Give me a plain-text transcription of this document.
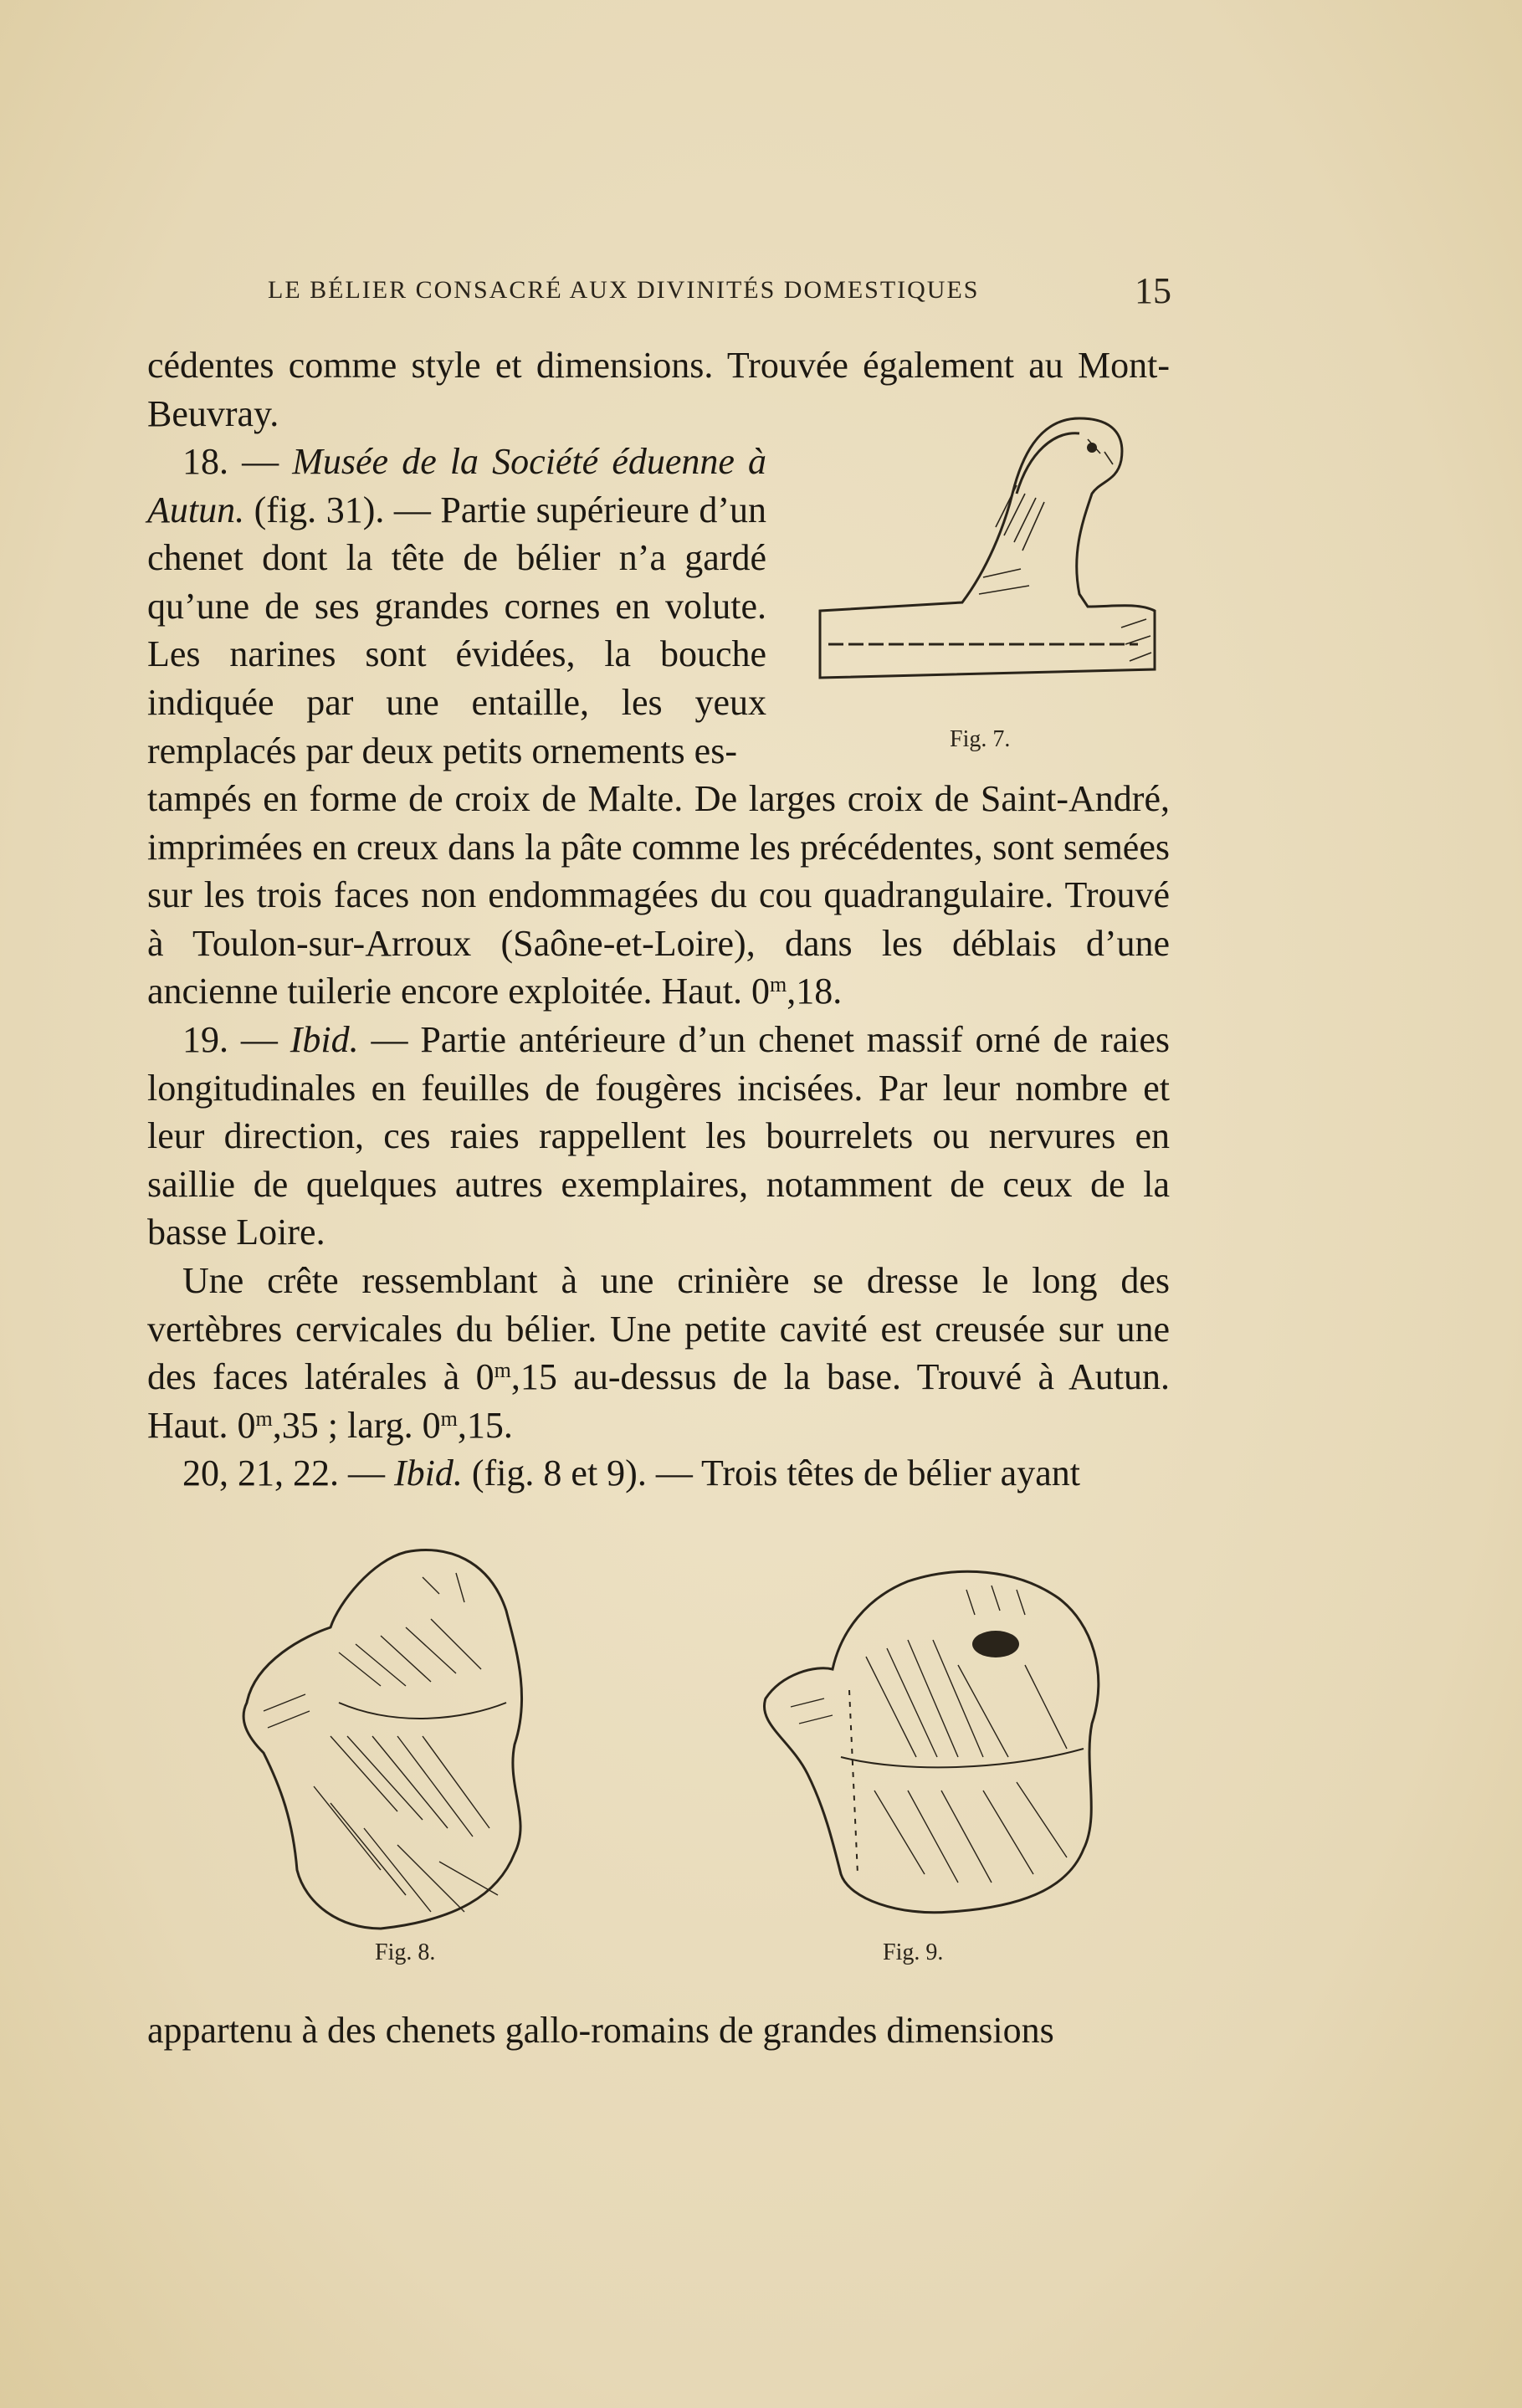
LE BÉLIER CONSACRÉ AUX DIVINITÉS DOMESTIQUES	15

cédentes comme style et dimensions. Trouvée également au Mont-Beuvray.

18. — Musée de la Société éduenne à Autun. (fig. 31). — Partie supérieure d’un chenet dont la tête de bélier n’a gardé qu’une de ses grandes cornes en volute. Les narines sont évidées, la bouche indiquée par une entaille, les yeux remplacés par deux petits ornements es-

tampés en forme de croix de Malte. De larges croix de Saint-André, imprimées en creux dans la pâte comme les précédentes, sont semées sur les trois faces non endommagées du cou quadrangulaire. Trouvé à Toulon-sur-Arroux (Saône-et-Loire), dans les déblais d’une ancienne tuilerie encore exploitée. Haut. 0$^m$,18.

19. — Ibid. — Partie antérieure d’un chenet massif orné de raies longitudinales en feuilles de fougères incisées. Par leur nombre et leur direction, ces raies rappellent les bourrelets ou nervures en saillie de quelques autres exemplaires, notamment de ceux de la basse Loire.

Une crête ressemblant à une crinière se dresse le long des vertèbres cervicales du bélier. Une petite cavité est creusée sur une des faces latérales à 0$^m$,15 au-dessus de la base. Trouvé à Autun. Haut. 0$^m$,35 ; larg. 0$^m$,15.

20, 21, 22. — Ibid. (fig. 8 et 9). — Trois têtes de bélier ayant

Fig. 7.
Fig. 8.	Fig. 9.

appartenu à des chenets gallo-romains de grandes dimensions
